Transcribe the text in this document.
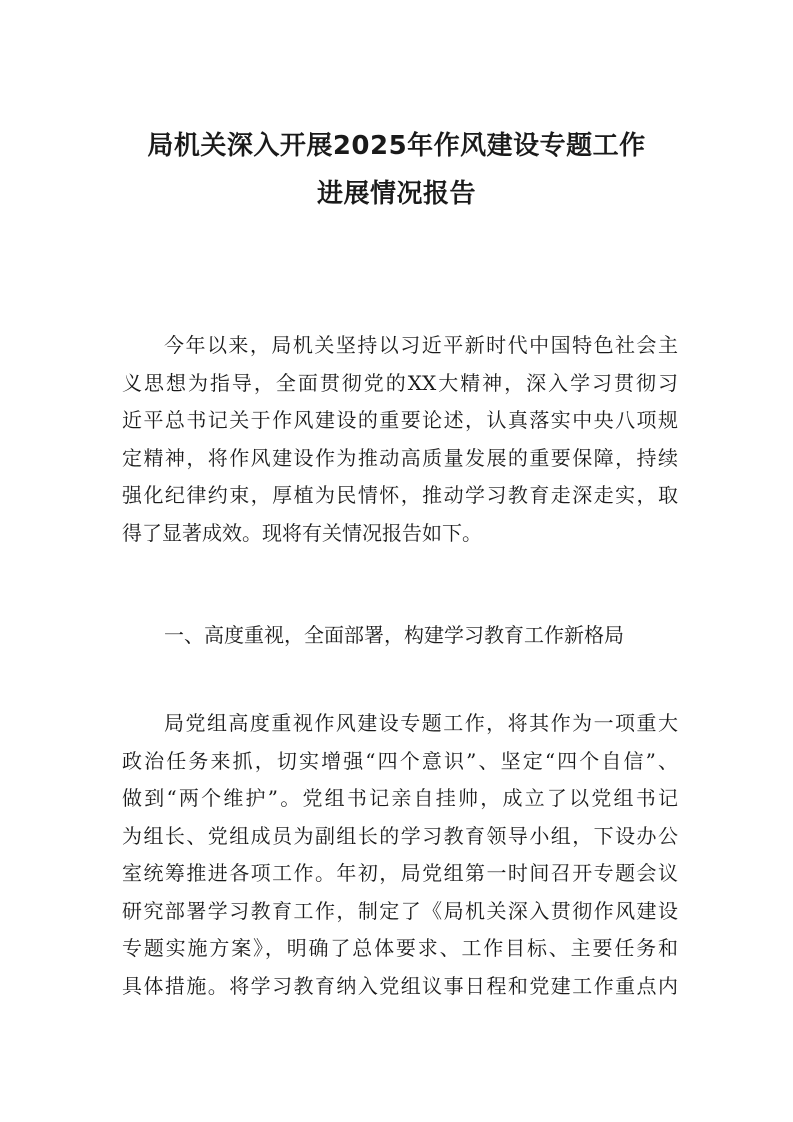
局机关深入开展2025年作风建设专题工作
进展情况报告
今年以来，局机关坚持以习近平新时代中国特色社会主
义思想为指导，全面贯彻党的XX大精神，深入学习贯彻习
近平总书记关于作风建设的重要论述，认真落实中央八项规
定精神，将作风建设作为推动高质量发展的重要保障，持续
强化纪律约束，厚植为民情怀，推动学习教育走深走实，取
得了显著成效。现将有关情况报告如下。
一、高度重视，全面部署，构建学习教育工作新格局
局党组高度重视作风建设专题工作，将其作为一项重大
政治任务来抓，切实增强“四个意识”、坚定“四个自信”、
做到“两个维护”。党组书记亲自挂帅，成立了以党组书记
为组长、党组成员为副组长的学习教育领导小组，下设办公
室统筹推进各项工作。年初，局党组第一时间召开专题会议
研究部署学习教育工作，制定了《局机关深入贯彻作风建设
专题实施方案》，明确了总体要求、工作目标、主要任务和
具体措施。将学习教育纳入党组议事日程和党建工作重点内
